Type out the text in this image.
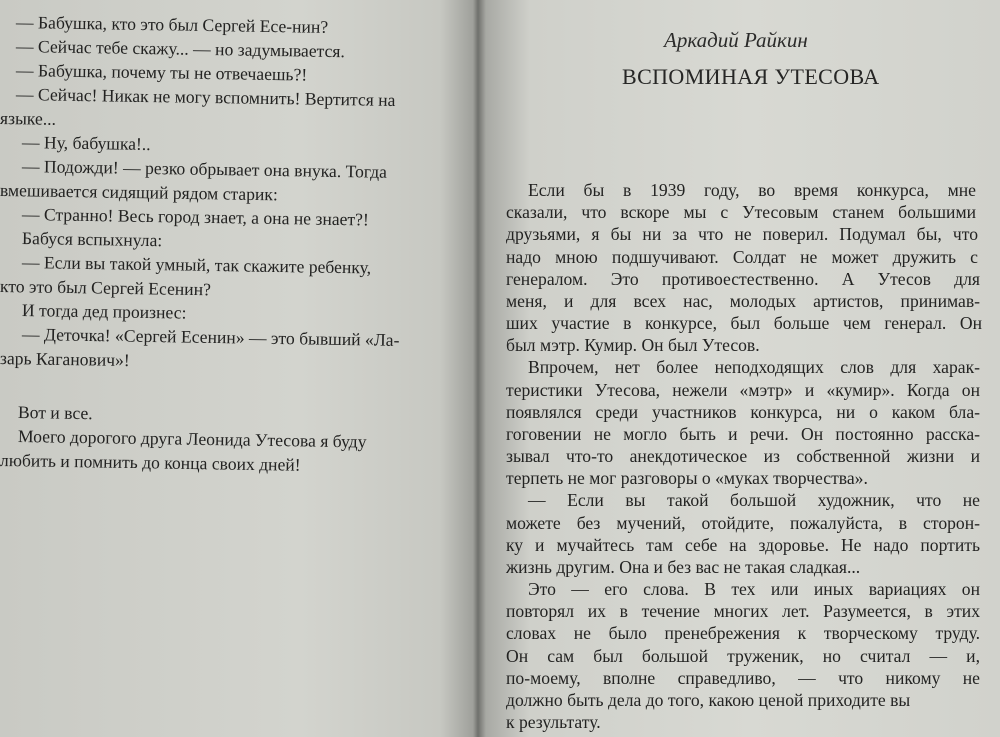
— Бабушка, кто это был Сергей Есе-нин?
— Сейчас тебе скажу... — но задумывается.
— Бабушка, почему ты не отвечаешь?!
— Сейчас! Никак не могу вспомнить! Вертится на
языке...
— Ну, бабушка!..
— Подожди! — резко обрывает она внука. Тогда
вмешивается сидящий рядом старик:
— Странно! Весь город знает, а она не знает?!
Бабуся вспыхнула:
— Если вы такой умный, так скажите ребенку,
кто это был Сергей Есенин?
И тогда дед произнес:
— Деточка! «Сергей Есенин» — это бывший «Ла-
зарь Каганович»!
Вот и все.
Моего дорогого друга Леонида Утесова я буду
любить и помнить до конца своих дней!
Аркадий Райкин
ВСПОМИНАЯ УТЕСОВА
Если бы в 1939 году, во время конкурса, мне
сказали, что вскоре мы с Утесовым станем большими
друзьями, я бы ни за что не поверил. Подумал бы, что
надо мною подшучивают. Солдат не может дружить с
генералом. Это противоестественно. А Утесов для
меня, и для всех нас, молодых артистов, принимав-
ших участие в конкурсе, был больше чем генерал. Он
был мэтр. Кумир. Он был Утесов.
Впрочем, нет более неподходящих слов для харак-
теристики Утесова, нежели «мэтр» и «кумир». Когда он
появлялся среди участников конкурса, ни о каком бла-
гоговении не могло быть и речи. Он постоянно расска-
зывал что-то анекдотическое из собственной жизни и
терпеть не мог разговоры о «муках творчества».
— Если вы такой большой художник, что не
можете без мучений, отойдите, пожалуйста, в сторон-
ку и мучайтесь там себе на здоровье. Не надо портить
жизнь другим. Она и без вас не такая сладкая...
Это — его слова. В тех или иных вариациях он
повторял их в течение многих лет. Разумеется, в этих
словах не было пренебрежения к творческому труду.
Он сам был большой труженик, но считал — и,
по-моему, вполне справедливо, — что никому не
должно быть дела до того, какою ценой приходите вы
к результату.
